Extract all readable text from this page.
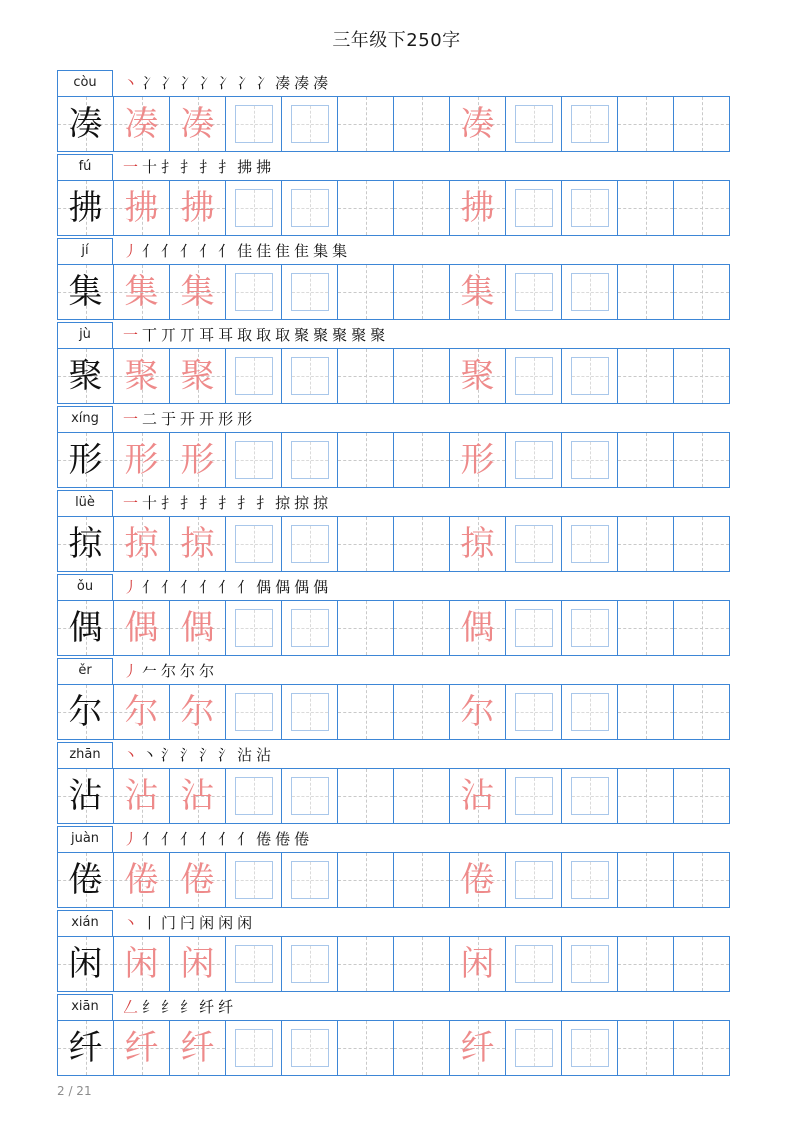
三年级下250字
còu	丶冫冫冫冫冫冫冫凑凑凑
凑 凑 凑	凑
fú	一十扌扌扌扌拂拂
拂 拂 拂	拂
jí	丿亻亻亻亻亻佳佳隹隹集集
集 集 集	集
jù	一丅丌丌耳耳取取取聚聚聚聚聚
聚 聚 聚	聚
xíng	一二于开开形形
形 形 形	形
lüè	一十扌扌扌扌扌扌掠掠掠
掠 掠 掠	掠
ǒu	丿亻亻亻亻亻亻偶偶偶偶
偶 偶 偶	偶
ěr	丿𠂉尔尔尔
尔 尔 尔	尔
zhān	丶丶氵氵氵氵沾沾
沾 沾 沾	沾
juàn	丿亻亻亻亻亻亻倦倦倦
倦 倦 倦	倦
xián	丶丨门闩闲闲闲
闲 闲 闲	闲
xiān	𠃋纟纟纟纤纤
纤 纤 纤	纤
2 / 21
